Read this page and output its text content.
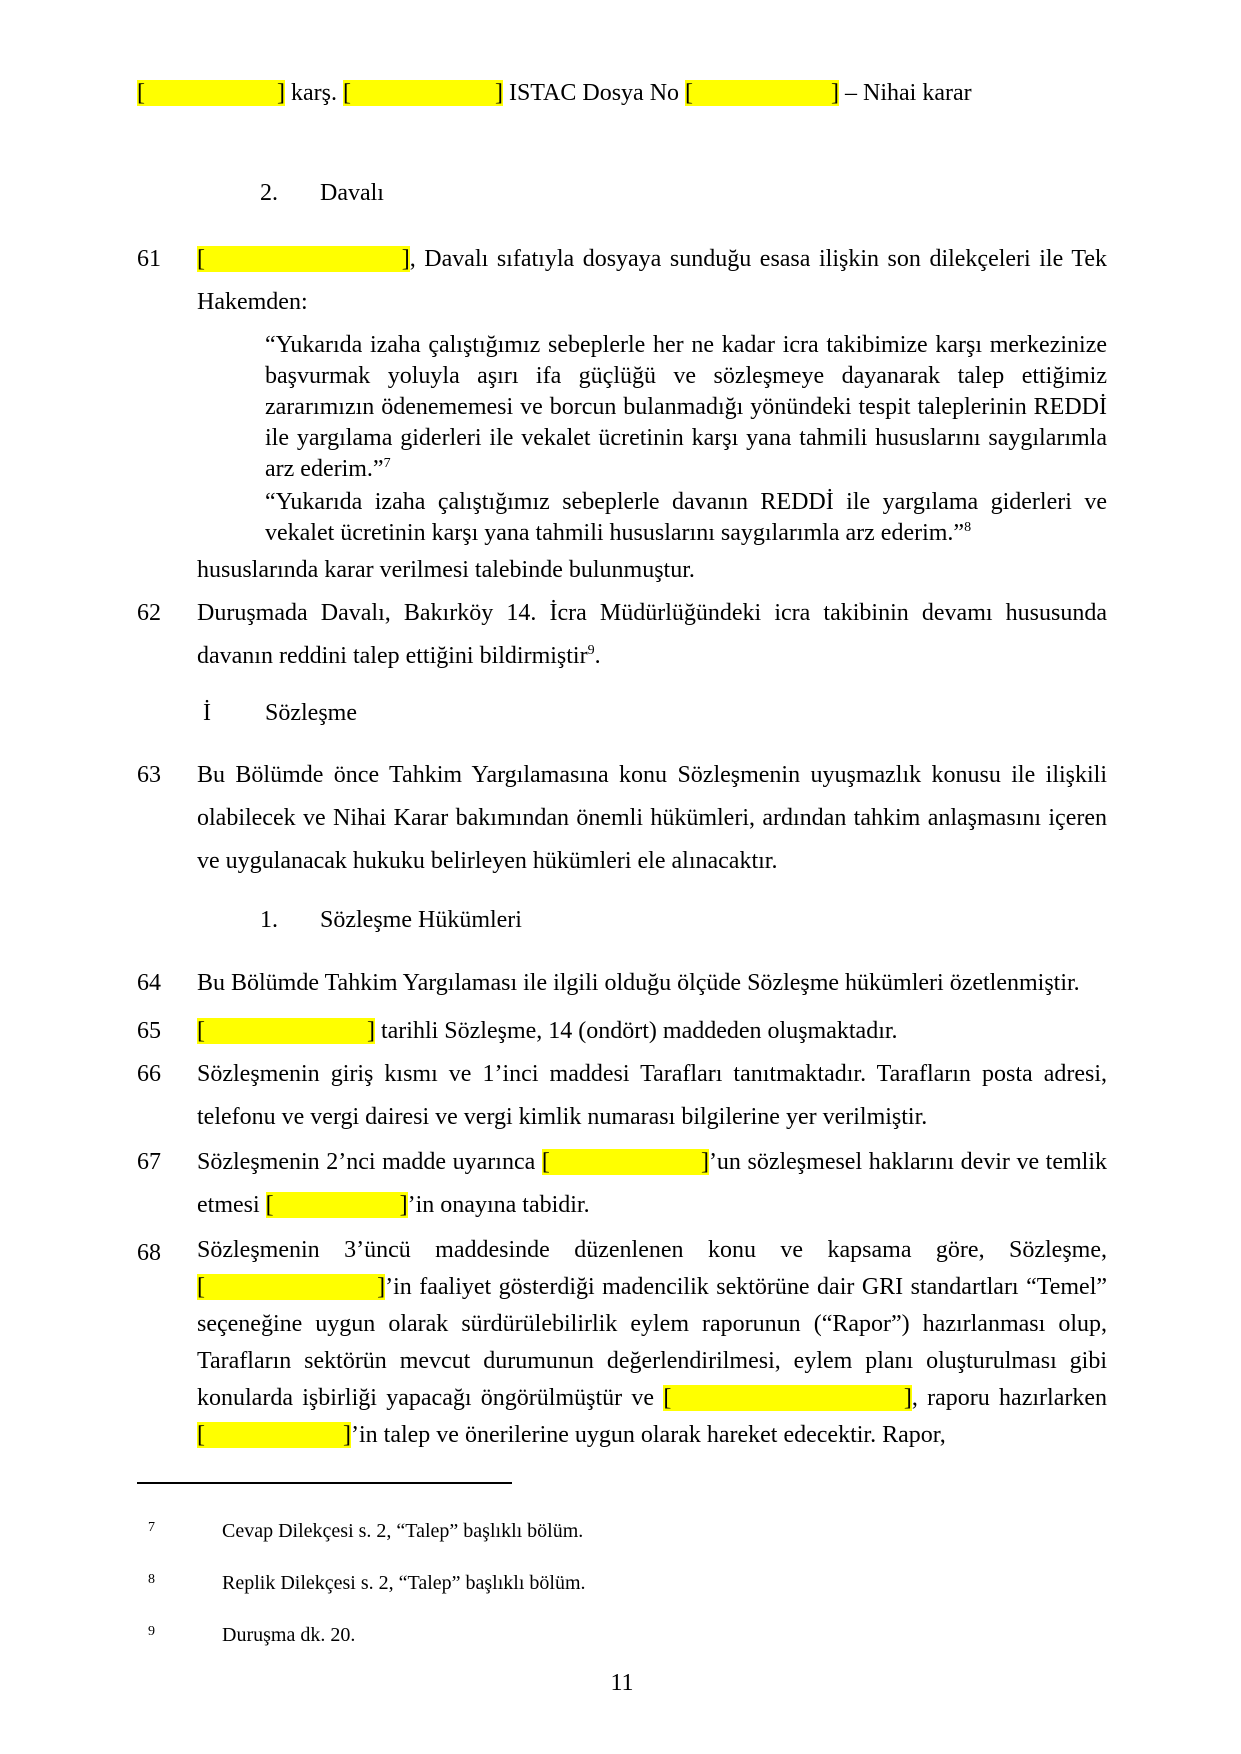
[                      ] karş. [                        ] ISTAC Dosya No [                       ] – Nihai karar
2. Davalı
61 [                       ], Davalı sıfatıyla dosyaya sunduğu esasa ilişkin son dilekçeleri ile Tek Hakemden:
“Yukarıda izaha çalıştığımız sebeplerle her ne kadar icra takibimize karşı merkezinize başvurmak yoluyla aşırı ifa güçlüğü ve sözleşmeye dayanarak talep ettiğimiz zararımızın ödenememesi ve borcun bulanmadığı yönündeki tespit taleplerinin REDDİ ile yargılama giderleri ile vekalet ücretinin karşı yana tahmili hususlarını saygılarımla arz ederim.”$^7$
“Yukarıda izaha çalıştığımız sebeplerle davanın REDDİ ile yargılama giderleri ve vekalet ücretinin karşı yana tahmili hususlarını saygılarımla arz ederim.”$^8$
hususlarında karar verilmesi talebinde bulunmuştur.
62 Duruşmada Davalı, Bakırköy 14. İcra Müdürlüğündeki icra takibinin devamı hususunda davanın reddini talep ettiğini bildirmiştir$^9$.
İ Sözleşme
63 Bu Bölümde önce Tahkim Yargılamasına konu Sözleşmenin uyuşmazlık konusu ile ilişkili olabilecek ve Nihai Karar bakımından önemli hükümleri, ardından tahkim anlaşmasını içeren ve uygulanacak hukuku belirleyen hükümleri ele alınacaktır.
1. Sözleşme Hükümleri
64 Bu Bölümde Tahkim Yargılaması ile ilgili olduğu ölçüde Sözleşme hükümleri özetlenmiştir.
65 [                           ] tarihli Sözleşme, 14 (ondört) maddeden oluşmaktadır.
66 Sözleşmenin giriş kısmı ve 1’inci maddesi Tarafları tanıtmaktadır. Tarafların posta adresi, telefonu ve vergi dairesi ve vergi kimlik numarası bilgilerine yer verilmiştir.
67 Sözleşmenin 2’nci madde uyarınca [                       ]’un sözleşmesel haklarını devir ve temlik etmesi [                     ]’in onayına tabidir.
68 Sözleşmenin 3’üncü maddesinde düzenlenen konu ve kapsama göre, Sözleşme, [                       ]’in faaliyet gösterdiği madencilik sektörüne dair GRI standartları “Temel” seçeneğine uygun olarak sürdürülebilirlik eylem raporunun (“Rapor”) hazırlanması olup, Tarafların sektörün mevcut durumunun değerlendirilmesi, eylem planı oluşturulması gibi konularda işbirliği yapacağı öngörülmüştür ve [                         ], raporu hazırlarken [                       ]’in talep ve önerilerine uygun olarak hareket edecektir. Rapor,
7	Cevap Dilekçesi s. 2, “Talep” başlıklı bölüm.
8	Replik Dilekçesi s. 2, “Talep” başlıklı bölüm.
9	Duruşma dk. 20.
11
